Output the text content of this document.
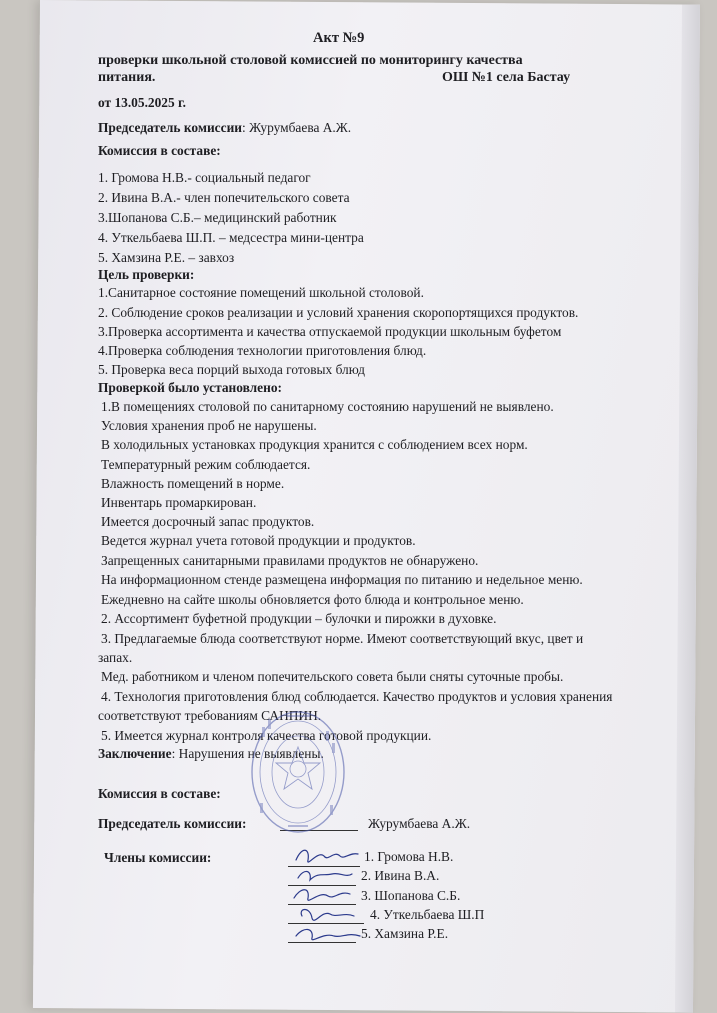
Акт №9
проверки школьной столовой комиссией по мониторингу качества
питания.	ОШ №1 села Бастау
от 13.05.2025 г.
Председатель комиссии: Журумбаева А.Ж.
Комиссия в составе:
1. Громова Н.В.- социальный педагог
2. Ивина В.А.- член попечительского совета
3.Шопанова С.Б.– медицинский работник
4. Уткельбаева Ш.П. – медсестра мини-центра
5. Хамзина Р.Е. – завхоз
Цель проверки:
1.Санитарное состояние помещений школьной столовой.
2. Соблюдение сроков реализации и условий хранения скоропортящихся продуктов.
3.Проверка ассортимента и качества отпускаемой продукции школьным буфетом
4.Проверка соблюдения технологии приготовления блюд.
5. Проверка веса порций выхода готовых блюд
Проверкой было установлено:
1.В помещениях столовой по санитарному состоянию нарушений не выявлено.
Условия хранения проб не нарушены.
В холодильных установках продукция хранится с соблюдением всех норм.
Температурный режим соблюдается.
Влажность помещений в норме.
Инвентарь промаркирован.
Имеется досрочный запас продуктов.
Ведется журнал учета готовой продукции и продуктов.
Запрещенных санитарными правилами продуктов не обнаружено.
На информационном стенде размещена информация по питанию и недельное меню.
Ежедневно на сайте школы обновляется фото блюда и контрольное меню.
2. Ассортимент буфетной продукции – булочки и пирожки в духовке.
3. Предлагаемые блюда соответствуют норме. Имеют соответствующий вкус, цвет и
запах.
Мед. работником и членом попечительского совета были сняты суточные пробы.
4. Технология приготовления блюд соблюдается. Качество продуктов и условия хранения
соответствуют требованиям САНПИН.
5. Имеется журнал контроля качества готовой продукции.
Заключение: Нарушения не выявлены.
Комиссия в составе:
Председатель комиссии:	Журумбаева А.Ж.
Члены комиссии:	1. Громова Н.В.
2. Ивина В.А.
3. Шопанова С.Б.
4. Уткельбаева Ш.П
5. Хамзина Р.Е.
